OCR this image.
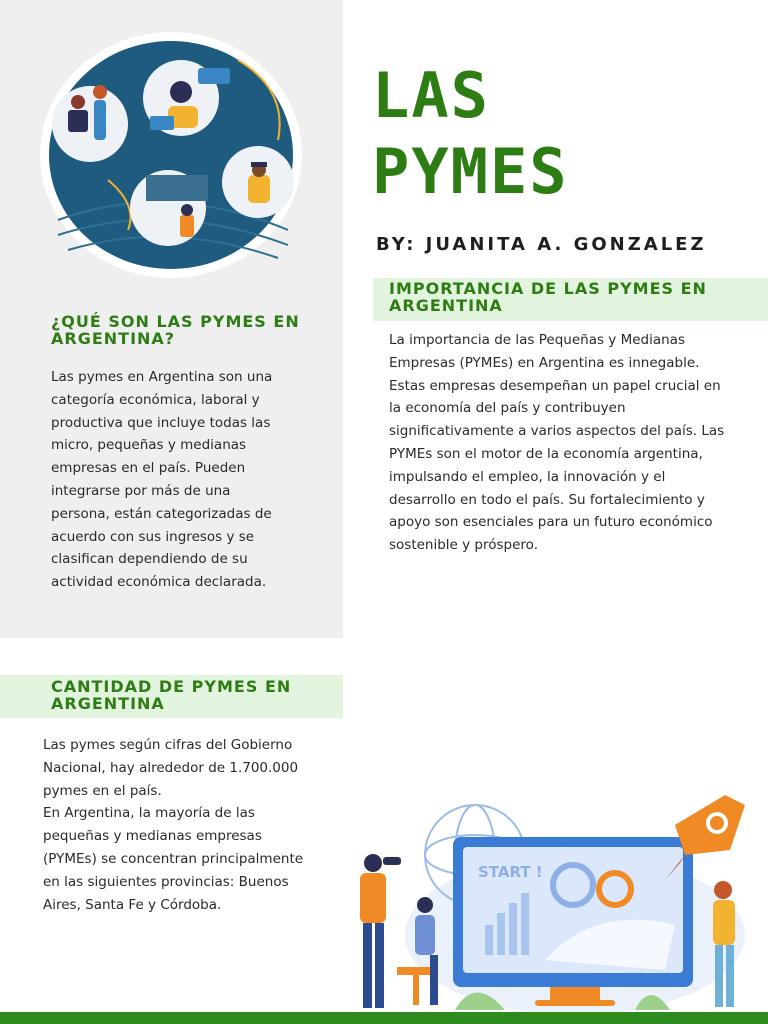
LAS
PYMES
BY: JUANITA A. GONZALEZ
IMPORTANCIA DE LAS PYMES EN ARGENTINA
La importancia de las Pequeñas y Medianas Empresas (PYMEs) en Argentina es innegable. Estas empresas desempeñan un papel crucial en la economía del país y contribuyen significativamente a varios aspectos del país. Las PYMEs son el motor de la economía argentina, impulsando el empleo, la innovación y el desarrollo en todo el país. Su fortalecimiento y apoyo son esenciales para un futuro económico sostenible y próspero.
¿QUÉ SON LAS PYMES EN ARGENTINA?
Las pymes en Argentina son una categoría económica, laboral y productiva que incluye todas las micro, pequeñas y medianas empresas en el país. Pueden integrarse por más de una persona, están categorizadas de acuerdo con sus ingresos y se clasifican dependiendo de su actividad económica declarada.
CANTIDAD DE PYMES EN ARGENTINA
Las pymes según cifras del Gobierno Nacional, hay alrededor de 1.700.000 pymes en el país.
En Argentina, la mayoría de las pequeñas y medianas empresas (PYMEs) se concentran principalmente en las siguientes provincias: Buenos Aires, Santa Fe y Córdoba.
START !
